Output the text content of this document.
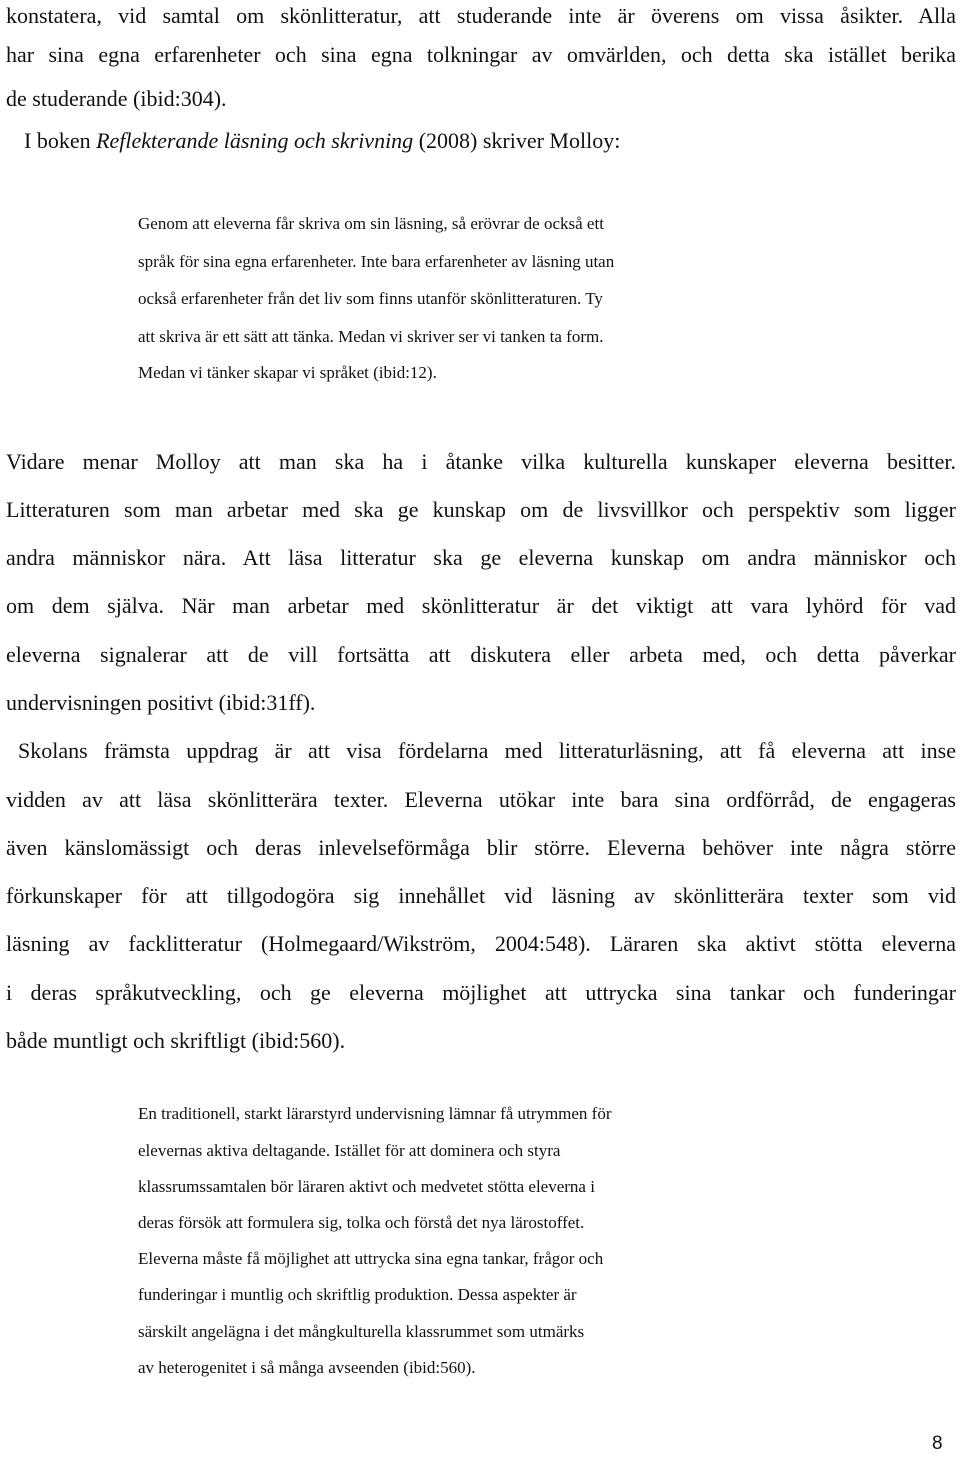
konstatera, vid samtal om skönlitteratur, att studerande inte är överens om vissa åsikter. Alla
har sina egna erfarenheter och sina egna tolkningar av omvärlden, och detta ska istället berika
de studerande (ibid:304).
I boken Reflekterande läsning och skrivning (2008) skriver Molloy:
Genom att eleverna får skriva om sin läsning, så erövrar de också ett
språk för sina egna erfarenheter. Inte bara erfarenheter av läsning utan
också erfarenheter från det liv som finns utanför skönlitteraturen. Ty
att skriva är ett sätt att tänka. Medan vi skriver ser vi tanken ta form.
Medan vi tänker skapar vi språket (ibid:12).
Vidare menar Molloy att man ska ha i åtanke vilka kulturella kunskaper eleverna besitter.
Litteraturen som man arbetar med ska ge kunskap om de livsvillkor och perspektiv som ligger
andra människor nära. Att läsa litteratur ska ge eleverna kunskap om andra människor och
om dem själva. När man arbetar med skönlitteratur är det viktigt att vara lyhörd för vad
eleverna signalerar att de vill fortsätta att diskutera eller arbeta med, och detta påverkar
undervisningen positivt (ibid:31ff).
Skolans främsta uppdrag är att visa fördelarna med litteraturläsning, att få eleverna att inse
vidden av att läsa skönlitterära texter. Eleverna utökar inte bara sina ordförråd, de engageras
även känslomässigt och deras inlevelseförmåga blir större. Eleverna behöver inte några större
förkunskaper för att tillgodogöra sig innehållet vid läsning av skönlitterära texter som vid
läsning av facklitteratur (Holmegaard/Wikström, 2004:548). Läraren ska aktivt stötta eleverna
i deras språkutveckling, och ge eleverna möjlighet att uttrycka sina tankar och funderingar
både muntligt och skriftligt (ibid:560).
En traditionell, starkt lärarstyrd undervisning lämnar få utrymmen för
elevernas aktiva deltagande. Istället för att dominera och styra
klassrumssamtalen bör läraren aktivt och medvetet stötta eleverna i
deras försök att formulera sig, tolka och förstå det nya lärostoffet.
Eleverna måste få möjlighet att uttrycka sina egna tankar, frågor och
funderingar i muntlig och skriftlig produktion. Dessa aspekter är
särskilt angelägna i det mångkulturella klassrummet som utmärks
av heterogenitet i så många avseenden (ibid:560).
8
